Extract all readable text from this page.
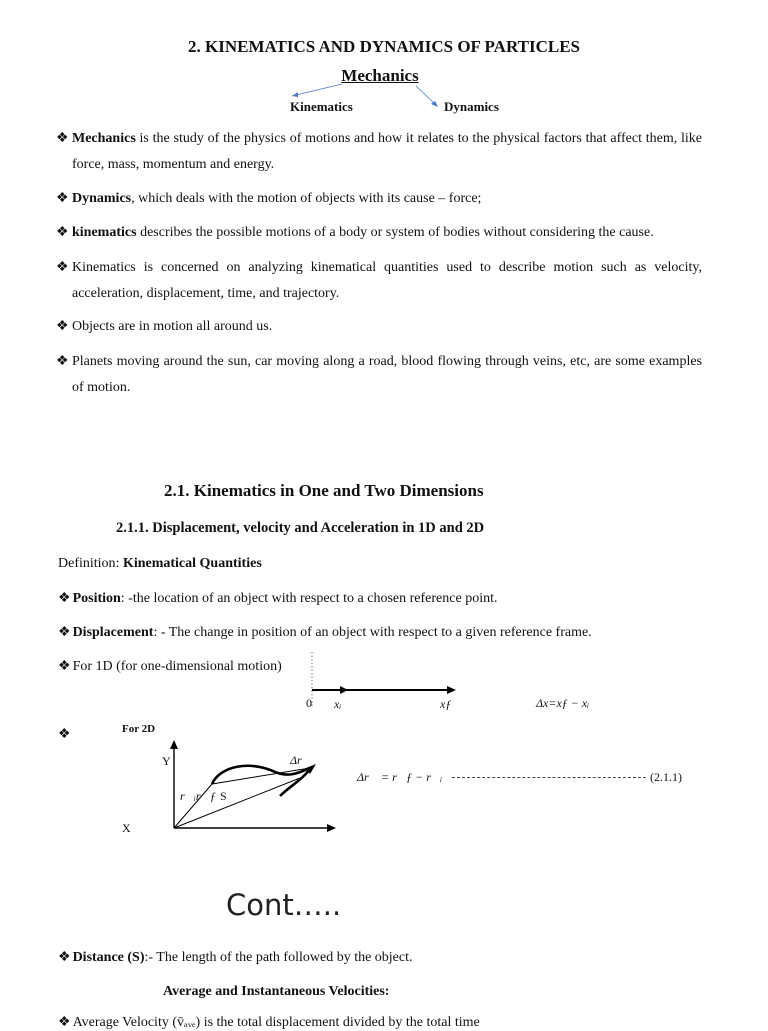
2. KINEMATICS AND DYNAMICS OF PARTICLES
Mechanics
Kinematics	Dynamics
❖ Mechanics is the study of the physics of motions and how it relates to the physical factors that affect them, like force, mass, momentum and energy.
❖ Dynamics, which deals with the motion of objects with its cause – force;
❖ kinematics describes the possible motions of a body or system of bodies without considering the cause.
❖ Kinematics is concerned on analyzing kinematical quantities used to describe motion such as velocity, acceleration, displacement, time, and trajectory.
❖ Objects are in motion all around us.
❖ Planets moving around the sun, car moving along a road, blood flowing through veins, etc, are some examples of motion.
2.1. Kinematics in One and Two Dimensions
2.1.1. Displacement, velocity and Acceleration in 1D and 2D
Definition: Kinematical Quantities
❖ Position: -the location of an object with respect to a chosen reference point.
❖ Displacement: - The change in position of an object with respect to a given reference frame.
❖ For 1D (for one-dimensional motion)
0 xᵢ	xƒ	Δx=xƒ − xᵢ
❖	For 2D
Y
X
Δr⃗
r⃗ᵢr⃗ƒ S
Δr⃗ = r⃗ƒ − r⃗ᵢ	(2.1.1)
Cont…..
❖ Distance (S):- The length of the path followed by the object.
Average and Instantaneous Velocities:
❖ Average Velocity (v̄ₐᵥₑ) is the total displacement divided by the total time
